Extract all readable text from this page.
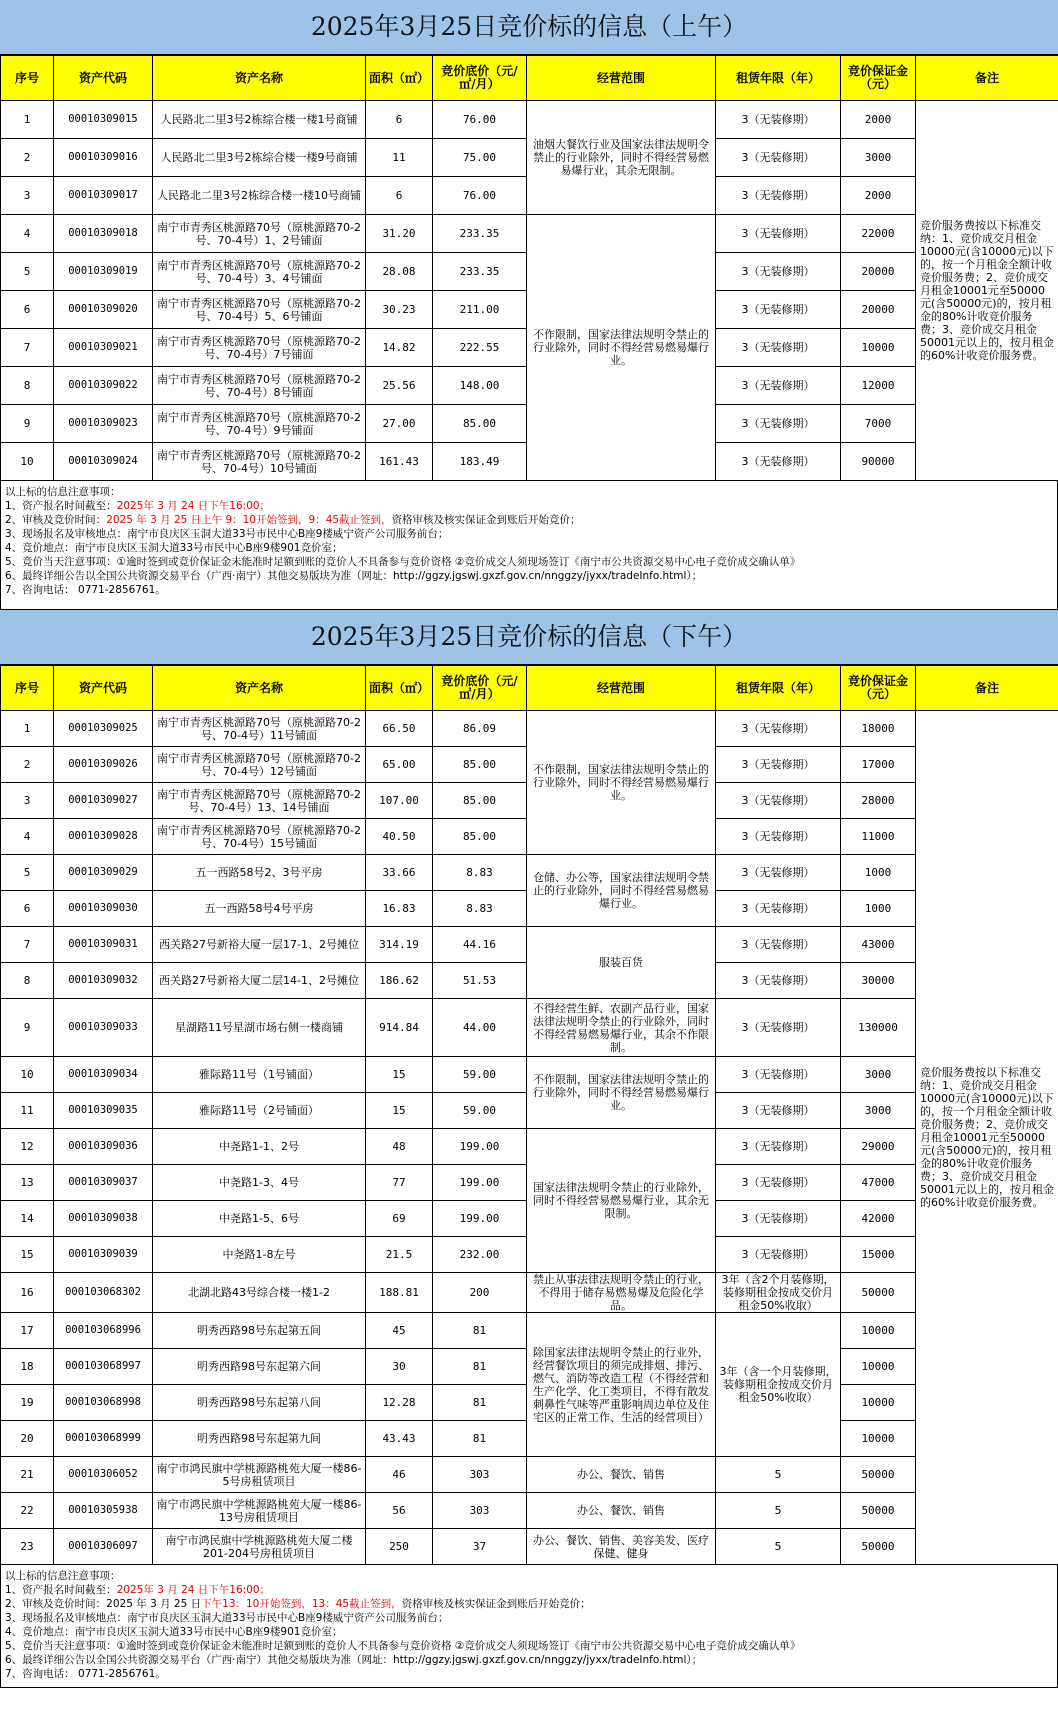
2025年3月25日竞价标的信息（上午）
序号	资产代码	资产名称	面积（㎡）	竞价底价（元/㎡/月）	经营范围	租赁年限（年）	竞价保证金（元）	备注
1	00010309015	人民路北二里3号2栋综合楼一楼1号商铺	6	76.00	油烟大餐饮行业及国家法律法规明令禁止的行业除外，同时不得经营易燃易爆行业，其余无限制。	3（无装修期）	2000	竞价服务费按以下标准交纳：1、竞价成交月租金10000元(含10000元)以下的，按一个月租金全额计收竞价服务费；2、竞价成交月租金10001元至50000元(含50000元)的，按月租金的80%计收竞价服务费；3、竞价成交月租金50001元以上的，按月租金的60%计收竞价服务费。
2	00010309016	人民路北二里3号2栋综合楼一楼9号商铺	11	75.00		3（无装修期）	3000	
3	00010309017	人民路北二里3号2栋综合楼一楼10号商铺	6	76.00		3（无装修期）	2000	
4	00010309018	南宁市青秀区桃源路70号（原桃源路70-2号、70-4号）1、2号铺面	31.20	233.35	不作限制，国家法律法规明令禁止的行业除外，同时不得经营易燃易爆行业。	3（无装修期）	22000	
5	00010309019	南宁市青秀区桃源路70号（原桃源路70-2号、70-4号）3、4号铺面	28.08	233.35		3（无装修期）	20000	
6	00010309020	南宁市青秀区桃源路70号（原桃源路70-2号、70-4号）5、6号铺面	30.23	211.00		3（无装修期）	20000	
7	00010309021	南宁市青秀区桃源路70号（原桃源路70-2号、70-4号）7号铺面	14.82	222.55		3（无装修期）	10000	
8	00010309022	南宁市青秀区桃源路70号（原桃源路70-2号、70-4号）8号铺面	25.56	148.00		3（无装修期）	12000	
9	00010309023	南宁市青秀区桃源路70号（原桃源路70-2号、70-4号）9号铺面	27.00	85.00		3（无装修期）	7000	
10	00010309024	南宁市青秀区桃源路70号（原桃源路70-2号、70-4号）10号铺面	161.43	183.49		3（无装修期）	90000	
以上标的信息注意事项：
1、资产报名时间截至：2025年 3 月 24 日下午16:00；
2、审核及竞价时间：2025 年 3 月 25 日上午 9：10开始签到，9：45截止签到，资格审核及核实保证金到账后开始竞价；
3、现场报名及审核地点：南宁市良庆区玉洞大道33号市民中心B座9楼威宁资产公司服务前台；
4、竞价地点：南宁市良庆区玉洞大道33号市民中心B座9楼901竞价室；
5、竞价当天注意事项：①逾时签到或竞价保证金未能准时足额到账的竞价人不具备参与竞价资格 ②竞价成交人须现场签订《南宁市公共资源交易中心电子竞价成交确认单》
6、最终详细公告以全国公共资源交易平台（广西·南宁）其他交易版块为准（网址：http://ggzy.jgswj.gxzf.gov.cn/nnggzy/jyxx/tradeInfo.html）；
7、咨询电话： 0771-2856761。
2025年3月25日竞价标的信息（下午）
序号	资产代码	资产名称	面积（㎡）	竞价底价（元/㎡/月）	经营范围	租赁年限（年）	竞价保证金（元）	备注
1	00010309025	南宁市青秀区桃源路70号（原桃源路70-2号、70-4号）11号铺面	66.50	86.09	不作限制，国家法律法规明令禁止的行业除外，同时不得经营易燃易爆行业。	3（无装修期）	18000	竞价服务费按以下标准交纳：1、竞价成交月租金10000元(含10000元)以下的，按一个月租金全额计收竞价服务费；2、竞价成交月租金10001元至50000元(含50000元)的，按月租金的80%计收竞价服务费；3、竞价成交月租金50001元以上的，按月租金的60%计收竞价服务费。
2	00010309026	南宁市青秀区桃源路70号（原桃源路70-2号、70-4号）12号铺面	65.00	85.00		3（无装修期）	17000	
3	00010309027	南宁市青秀区桃源路70号（原桃源路70-2号、70-4号）13、14号铺面	107.00	85.00		3（无装修期）	28000	
4	00010309028	南宁市青秀区桃源路70号（原桃源路70-2号、70-4号）15号铺面	40.50	85.00		3（无装修期）	11000	
5	00010309029	五一西路58号2、3号平房	33.66	8.83	仓储、办公等，国家法律法规明令禁止的行业除外，同时不得经营易燃易爆行业。	3（无装修期）	1000	
6	00010309030	五一西路58号4号平房	16.83	8.83		3（无装修期）	1000	
7	00010309031	西关路27号新裕大厦一层17-1、2号摊位	314.19	44.16	服装百货	3（无装修期）	43000	
8	00010309032	西关路27号新裕大厦二层14-1、2号摊位	186.62	51.53		3（无装修期）	30000	
9	00010309033	星湖路11号星湖市场右侧一楼商铺	914.84	44.00	不得经营生鲜、农副产品行业，国家法律法规明令禁止的行业除外，同时不得经营易燃易爆行业，其余不作限制。	3（无装修期）	130000	
10	00010309034	雅际路11号（1号铺面）	15	59.00	不作限制，国家法律法规明令禁止的行业除外，同时不得经营易燃易爆行业。	3（无装修期）	3000	
11	00010309035	雅际路11号（2号铺面）	15	59.00		3（无装修期）	3000	
12	00010309036	中尧路1-1、2号	48	199.00	国家法律法规明令禁止的行业除外，同时不得经营易燃易爆行业，其余无限制。	3（无装修期）	29000	
13	00010309037	中尧路1-3、4号	77	199.00		3（无装修期）	47000	
14	00010309038	中尧路1-5、6号	69	199.00		3（无装修期）	42000	
15	00010309039	中尧路1-8左号	21.5	232.00		3（无装修期）	15000	
16	000103068302	北湖北路43号综合楼一楼1-2	188.81	200	禁止从事法律法规明令禁止的行业，不得用于储存易燃易爆及危险化学品。	3年（含2个月装修期，装修期租金按成交价月租金50%收取）	50000	
17	000103068996	明秀西路98号东起第五间	45	81	除国家法律法规明令禁止的行业外，经营餐饮项目的须完成排烟、排污、燃气、消防等改造工程（不得经营和生产化学、化工类项目，不得有散发刺鼻性气味等严重影响周边单位及住宅区的正常工作、生活的经营项目）	3年（含一个月装修期，装修期租金按成交价月租金50%收取）	10000	
18	000103068997	明秀西路98号东起第六间	30	81			10000	
19	000103068998	明秀西路98号东起第八间	12.28	81			10000	
20	000103068999	明秀西路98号东起第九间	43.43	81			10000	
21	00010306052	南宁市鸿民旗中学桃源路桃苑大厦一楼86-5号房租赁项目	46	303	办公、餐饮、销售	5	50000	
22	00010305938	南宁市鸿民旗中学桃源路桃苑大厦一楼86-13号房租赁项目	56	303	办公、餐饮、销售	5	50000	
23	00010306097	南宁市鸿民旗中学桃源路桃苑大厦二楼201-204号房租赁项目	250	37	办公、餐饮、销售、美容美发、医疗保健、健身	5	50000	
以上标的信息注意事项：
1、资产报名时间截至：2025年 3 月 24 日下午16:00；
2、审核及竞价时间：2025 年 3 月 25 日下午13：10开始签到，13：45截止签到，资格审核及核实保证金到账后开始竞价；
3、现场报名及审核地点：南宁市良庆区玉洞大道33号市民中心B座9楼威宁资产公司服务前台；
4、竞价地点：南宁市良庆区玉洞大道33号市民中心B座9楼901竞价室；
5、竞价当天注意事项：①逾时签到或竞价保证金未能准时足额到账的竞价人不具备参与竞价资格 ②竞价成交人须现场签订《南宁市公共资源交易中心电子竞价成交确认单》
6、最终详细公告以全国公共资源交易平台（广西·南宁）其他交易版块为准（网址：http://ggzy.jgswj.gxzf.gov.cn/nnggzy/jyxx/tradeInfo.html）；
7、咨询电话： 0771-2856761。
